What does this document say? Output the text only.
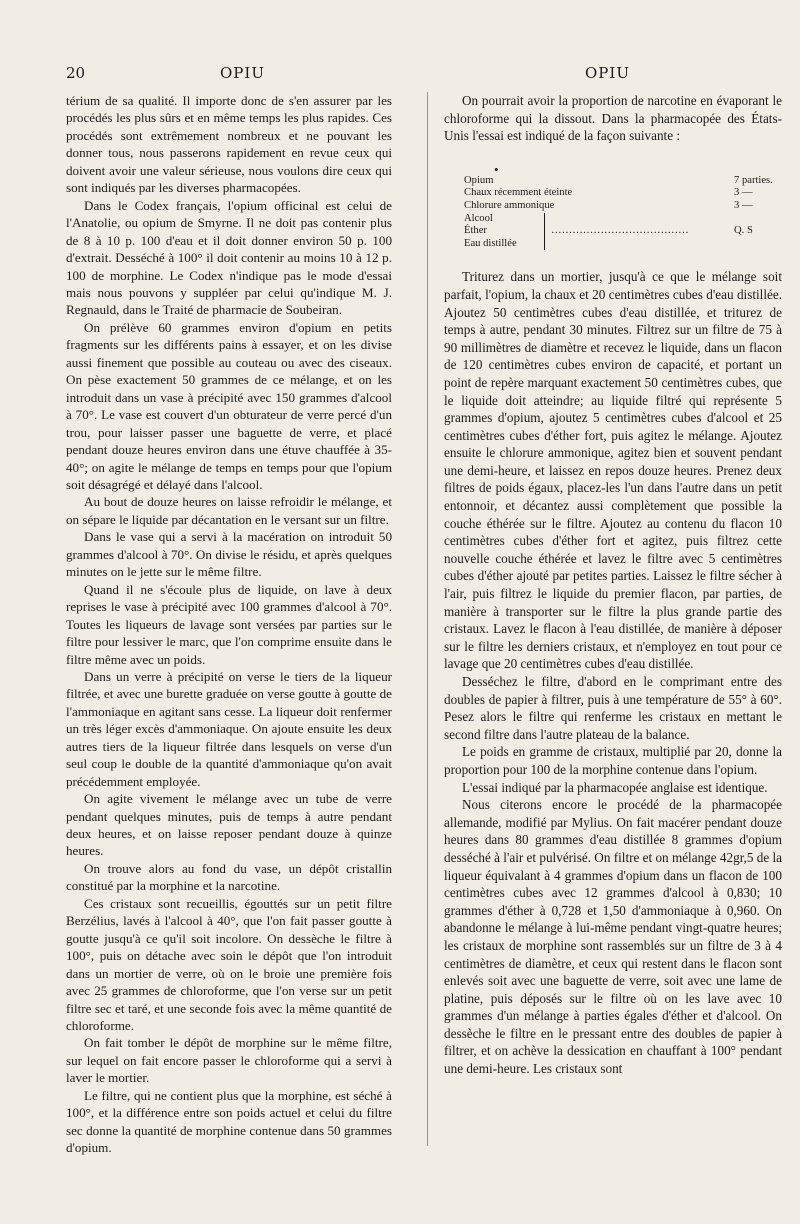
20	OPIU	OPIU

térium de sa qualité. Il importe donc de s'en assurer par les procédés les plus sûrs et en même temps les plus rapides. Ces procédés sont extrêmement nombreux et ne pouvant les donner tous, nous passerons rapidement en revue ceux qui doivent avoir une valeur sérieuse, nous voulons dire ceux qui sont indiqués par les diverses pharmacopées.

Dans le Codex français, l'opium officinal est celui de l'Anatolie, ou opium de Smyrne. Il ne doit pas contenir plus de 8 à 10 p. 100 d'eau et il doit donner environ 50 p. 100 d'extrait. Desséché à 100° il doit contenir au moins 10 à 12 p. 100 de morphine. Le Codex n'indique pas le mode d'essai mais nous pouvons y suppléer par celui qu'indique M. J. Regnauld, dans le Traité de pharmacie de Soubeiran.

On prélève 60 grammes environ d'opium en petits fragments sur les différents pains à essayer, et on les divise aussi finement que possible au couteau ou avec des ciseaux. On pèse exactement 50 grammes de ce mélange, et on les introduit dans un vase à précipité avec 150 grammes d'alcool à 70°. Le vase est couvert d'un obturateur de verre percé d'un trou, pour laisser passer une baguette de verre, et placé pendant douze heures environ dans une étuve chauffée à 35-40°; on agite le mélange de temps en temps pour que l'opium soit désagrégé et délayé dans l'alcool.

Au bout de douze heures on laisse refroidir le mélange, et on sépare le liquide par décantation en le versant sur un filtre.

Dans le vase qui a servi à la macération on introduit 50 grammes d'alcool à 70°. On divise le résidu, et après quelques minutes on le jette sur le même filtre.

Quand il ne s'écoule plus de liquide, on lave à deux reprises le vase à précipité avec 100 grammes d'alcool à 70°. Toutes les liqueurs de lavage sont versées par parties sur le filtre pour lessiver le marc, que l'on comprime ensuite dans le filtre même avec un poids.

Dans un verre à précipité on verse le tiers de la liqueur filtrée, et avec une burette graduée on verse goutte à goutte de l'ammoniaque en agitant sans cesse. La liqueur doit renfermer un très léger excès d'ammoniaque. On ajoute ensuite les deux autres tiers de la liqueur filtrée dans lesquels on verse d'un seul coup le double de la quantité d'ammoniaque qu'on avait précédemment employée.

On agite vivement le mélange avec un tube de verre pendant quelques minutes, puis de temps à autre pendant deux heures, et on laisse reposer pendant douze à quinze heures.

On trouve alors au fond du vase, un dépôt cristallin constitué par la morphine et la narcotine.

Ces cristaux sont recueillis, égouttés sur un petit filtre Berzélius, lavés à l'alcool à 40°, que l'on fait passer goutte à goutte jusqu'à ce qu'il soit incolore. On dessèche le filtre à 100°, puis on détache avec soin le dépôt que l'on introduit dans un mortier de verre, où on le broie une première fois avec 25 grammes de chloroforme, que l'on verse sur un petit filtre sec et taré, et une seconde fois avec la même quantité de chloroforme.

On fait tomber le dépôt de morphine sur le même filtre, sur lequel on fait encore passer le chloroforme qui a servi à laver le mortier.

Le filtre, qui ne contient plus que la morphine, est séché à 100°, et la différence entre son poids actuel et celui du filtre sec donne la quantité de morphine contenue dans 50 grammes d'opium.

On pourrait avoir la proportion de narcotine en évaporant le chloroforme qui la dissout. Dans la pharmacopée des États-Unis l'essai est indiqué de la façon suivante :

•
Opium	7 parties.
Chaux récemment éteinte	3 —
Chlorure ammonique	3 —
Alcool
Éther
Eau distillée
…………………………………	Q. S

Triturez dans un mortier, jusqu'à ce que le mélange soit parfait, l'opium, la chaux et 20 centimètres cubes d'eau distillée. Ajoutez 50 centimètres cubes d'eau distillée, et triturez de temps à autre, pendant 30 minutes. Filtrez sur un filtre de 75 à 90 millimètres de diamètre et recevez le liquide, dans un flacon de 120 centimètres cubes environ de capacité, et portant un point de repère marquant exactement 50 centimètres cubes, que le liquide doit atteindre; au liquide filtré qui représente 5 grammes d'opium, ajoutez 5 centimètres cubes d'alcool et 25 centimètres cubes d'éther fort, puis agitez le mélange. Ajoutez ensuite le chlorure ammonique, agitez bien et souvent pendant une demi-heure, et laissez en repos douze heures. Prenez deux filtres de poids égaux, placez-les l'un dans l'autre dans un petit entonnoir, et décantez aussi complètement que possible la couche éthérée sur le filtre. Ajoutez au contenu du flacon 10 centimètres cubes d'éther fort et agitez, puis filtrez cette nouvelle couche éthérée et lavez le filtre avec 5 centimètres cubes d'éther ajouté par petites parties. Laissez le filtre sécher à l'air, puis filtrez le liquide du premier flacon, par parties, de manière à transporter sur le filtre la plus grande partie des cristaux. Lavez le flacon à l'eau distillée, de manière à déposer sur le filtre les derniers cristaux, et n'employez en tout pour ce lavage que 20 centimètres cubes d'eau distillée.

Desséchez le filtre, d'abord en le comprimant entre des doubles de papier à filtrer, puis à une température de 55° à 60°. Pesez alors le filtre qui renferme les cristaux en mettant le second filtre dans l'autre plateau de la balance.

Le poids en gramme de cristaux, multiplié par 20, donne la proportion pour 100 de la morphine contenue dans l'opium.

L'essai indiqué par la pharmacopée anglaise est identique.

Nous citerons encore le procédé de la pharmacopée allemande, modifié par Mylius. On fait macérer pendant douze heures dans 80 grammes d'eau distillée 8 grammes d'opium desséché à l'air et pulvérisé. On filtre et on mélange 42gr,5 de la liqueur équivalant à 4 grammes d'opium dans un flacon de 100 centimètres cubes avec 12 grammes d'alcool à 0,830; 10 grammes d'éther à 0,728 et 1,50 d'ammoniaque à 0,960. On abandonne le mélange à lui-même pendant vingt-quatre heures; les cristaux de morphine sont rassemblés sur un filtre de 3 à 4 centimètres de diamètre, et ceux qui restent dans le flacon sont enlevés soit avec une baguette de verre, soit avec une lame de platine, puis déposés sur le filtre où on les lave avec 10 grammes d'un mélange à parties égales d'éther et d'alcool. On dessèche le filtre en le pressant entre des doubles de papier à filtrer, et on achève la dessication en chauffant à 100° pendant une demi-heure. Les cristaux sont
